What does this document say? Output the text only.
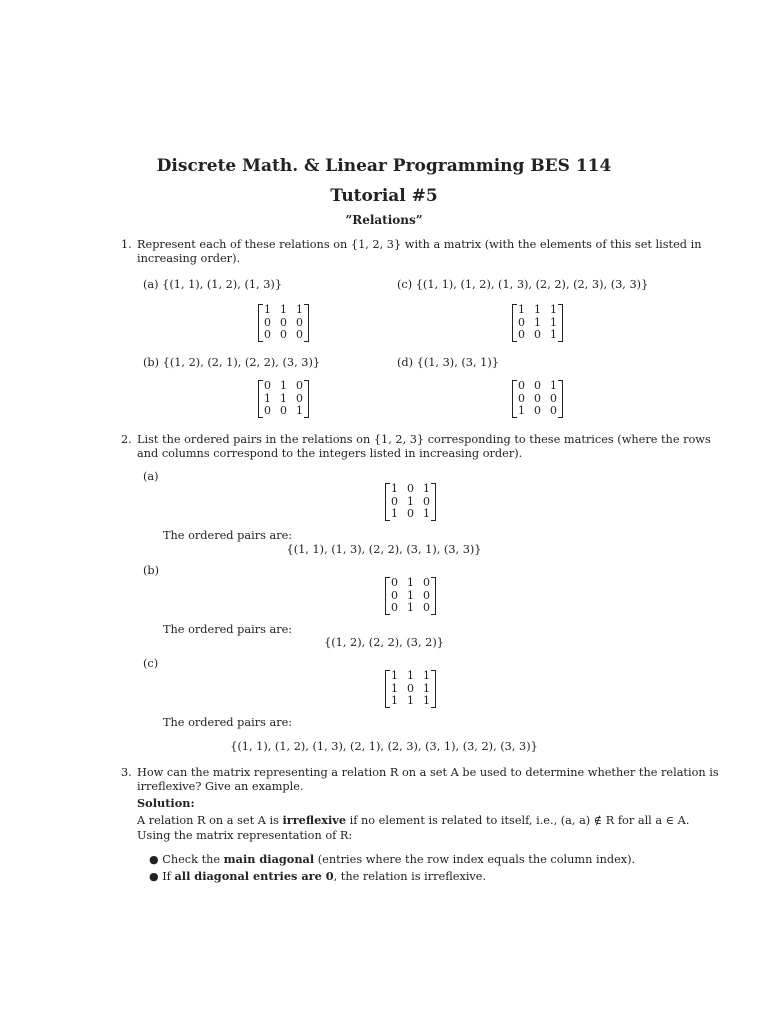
Discrete Math. & Linear Programming BES 114
Tutorial #5
”Relations”
1. Represent each of these relations on {1, 2, 3} with a matrix (with the elements of this set listed in
increasing order).
(a) {(1, 1), (1, 2), (1, 3)}
1 1 1
0 0 0
0 0 0
(c) {(1, 1), (1, 2), (1, 3), (2, 2), (2, 3), (3, 3)}
1 1 1
0 1 1
0 0 1
(b) {(1, 2), (2, 1), (2, 2), (3, 3)}
0 1 0
1 1 0
0 0 1
(d) {(1, 3), (3, 1)}
0 0 1
0 0 0
1 0 0
2. List the ordered pairs in the relations on {1, 2, 3} corresponding to these matrices (where the rows
and columns correspond to the integers listed in increasing order).
(a)
1 0 1
0 1 0
1 0 1
The ordered pairs are:
{(1, 1), (1, 3), (2, 2), (3, 1), (3, 3)}
(b)
0 1 0
0 1 0
0 1 0
The ordered pairs are:
{(1, 2), (2, 2), (3, 2)}
(c)
1 1 1
1 0 1
1 1 1
The ordered pairs are:
{(1, 1), (1, 2), (1, 3), (2, 1), (2, 3), (3, 1), (3, 2), (3, 3)}
3. How can the matrix representing a relation R on a set A be used to determine whether the relation is
irreflexive? Give an example.
Solution:
A relation R on a set A is irreflexive if no element is related to itself, i.e., (a, a) ∉ R for all a ∈ A.
Using the matrix representation of R:
● Check the main diagonal (entries where the row index equals the column index).
● If all diagonal entries are 0, the relation is irreflexive.
